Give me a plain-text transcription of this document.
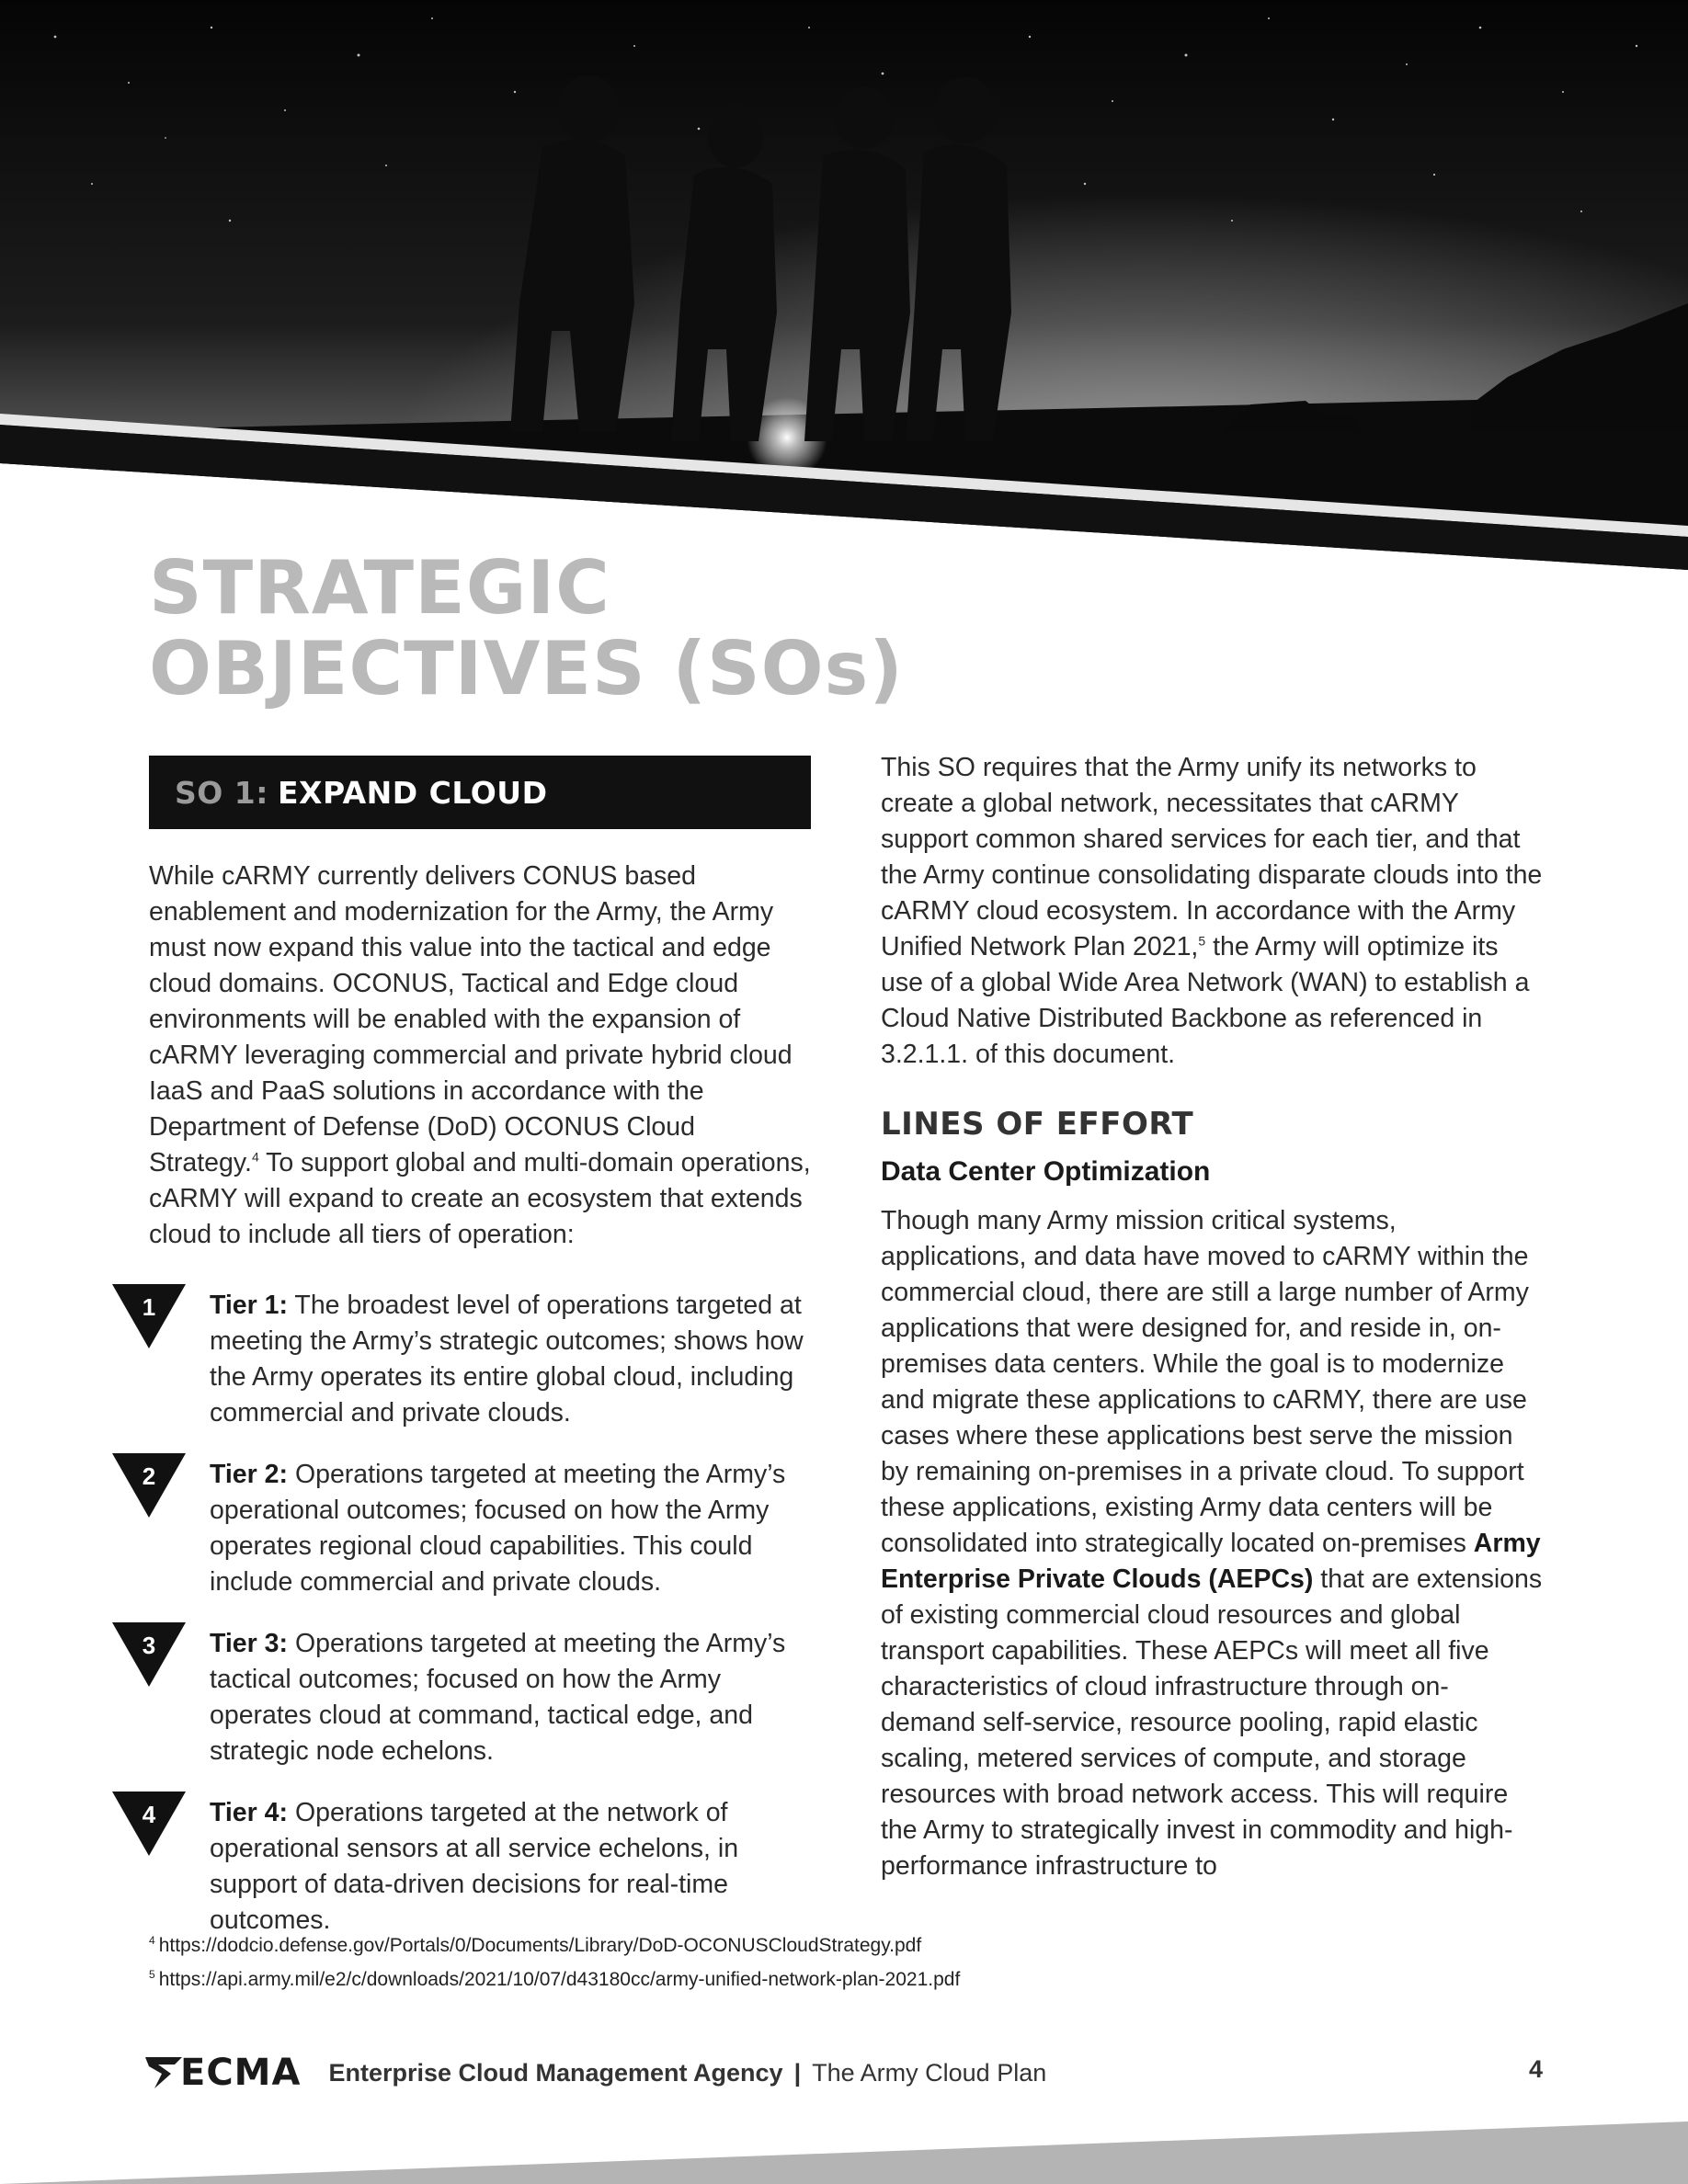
STRATEGIC
OBJECTIVES (SOs)
SO 1: EXPAND CLOUD

While cARMY currently delivers CONUS based enablement and modernization for the Army, the Army must now expand this value into the tactical and edge cloud domains. OCONUS, Tactical and Edge cloud environments will be enabled with the expansion of cARMY leveraging commercial and private hybrid cloud IaaS and PaaS solutions in accordance with the Department of Defense (DoD) OCONUS Cloud Strategy.$^4$ To support global and multi-domain operations, cARMY will expand to create an ecosystem that extends cloud to include all tiers of operation:

1 Tier 1: The broadest level of operations targeted at meeting the Army’s strategic outcomes; shows how the Army operates its entire global cloud, including commercial and private clouds.
2 Tier 2: Operations targeted at meeting the Army’s operational outcomes; focused on how the Army operates regional cloud capabilities. This could include commercial and private clouds.
3 Tier 3: Operations targeted at meeting the Army’s tactical outcomes; focused on how the Army operates cloud at command, tactical edge, and strategic node echelons.
4 Tier 4: Operations targeted at the network of operational sensors at all service echelons, in support of data-driven decisions for real-time outcomes.

This SO requires that the Army unify its networks to create a global network, necessitates that cARMY support common shared services for each tier, and that the Army continue consolidating disparate clouds into the cARMY cloud ecosystem. In accordance with the Army Unified Network Plan 2021,$^5$ the Army will optimize its use of a global Wide Area Network (WAN) to establish a Cloud Native Distributed Backbone as referenced in 3.2.1.1. of this document.

LINES OF EFFORT
Data Center Optimization

Though many Army mission critical systems, applications, and data have moved to cARMY within the commercial cloud, there are still a large number of Army applications that were designed for, and reside in, on-premises data centers. While the goal is to modernize and migrate these applications to cARMY, there are use cases where these applications best serve the mission by remaining on-premises in a private cloud. To support these applications, existing Army data centers will be consolidated into strategically located on-premises Army Enterprise Private Clouds (AEPCs) that are extensions of existing commercial cloud resources and global transport capabilities. These AEPCs will meet all five characteristics of cloud infrastructure through on-demand self-service, resource pooling, rapid elastic scaling, metered services of compute, and storage resources with broad network access. This will require the Army to strategically invest in commodity and high-performance infrastructure to

$^4$ https://dodcio.defense.gov/Portals/0/Documents/Library/DoD-OCONUSCloudStrategy.pdf
$^5$ https://api.army.mil/e2/c/downloads/2021/10/07/d43180cc/army-unified-network-plan-2021.pdf
ECMA Enterprise Cloud Management Agency | The Army Cloud Plan	4
